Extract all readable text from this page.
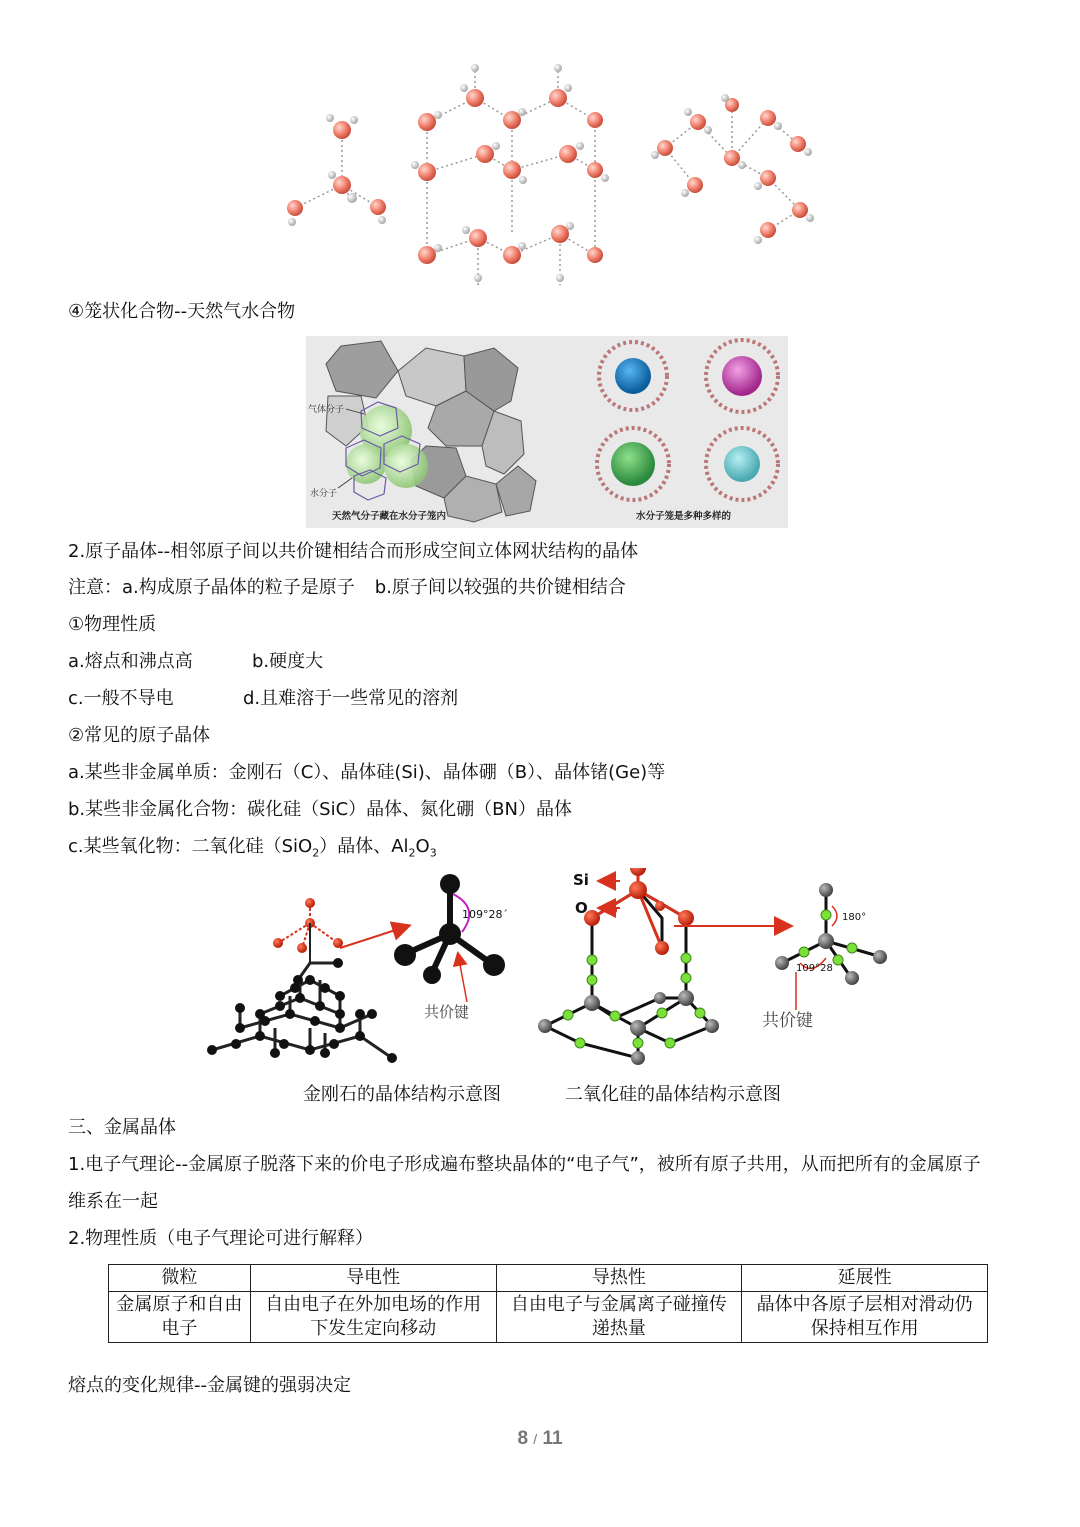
④笼状化合物--天然气水合物
气体分子
水分子
天然气分子藏在水分子笼内	水分子笼是多种多样的
2.原子晶体--相邻原子间以共价键相结合而形成空间立体网状结构的晶体
注意：a.构成原子晶体的粒子是原子 b.原子间以较强的共价键相结合
①物理性质
a.熔点和沸点高	b.硬度大
c.一般不导电	d.且难溶于一些常见的溶剂
②常见的原子晶体
a.某些非金属单质：金刚石（C）、晶体硅(Si)、晶体硼（B）、晶体锗(Ge)等
b.某些非金属化合物：碳化硅（SiC）晶体、氮化硼（BN）晶体
c.某些氧化物：二氧化硅（SiO$_2$）晶体、$Al_2O_3$
109°28΄
共价键
Si
O
180°
109°28
共价键
金刚石的晶体结构示意图	二氧化硅的晶体结构示意图
三、金属晶体
1.电子气理论--金属原子脱落下来的价电子形成遍布整块晶体的“电子气”，被所有原子共用，从而把所有的金属原子
维系在一起
2.物理性质（电子气理论可进行解释）
微粒	导电性	导热性	延展性
金属原子和自由电子	自由电子在外加电场的作用下发生定向移动	自由电子与金属离子碰撞传递热量	晶体中各原子层相对滑动仍保持相互作用
熔点的变化规律--金属键的强弱决定
8 / 11
